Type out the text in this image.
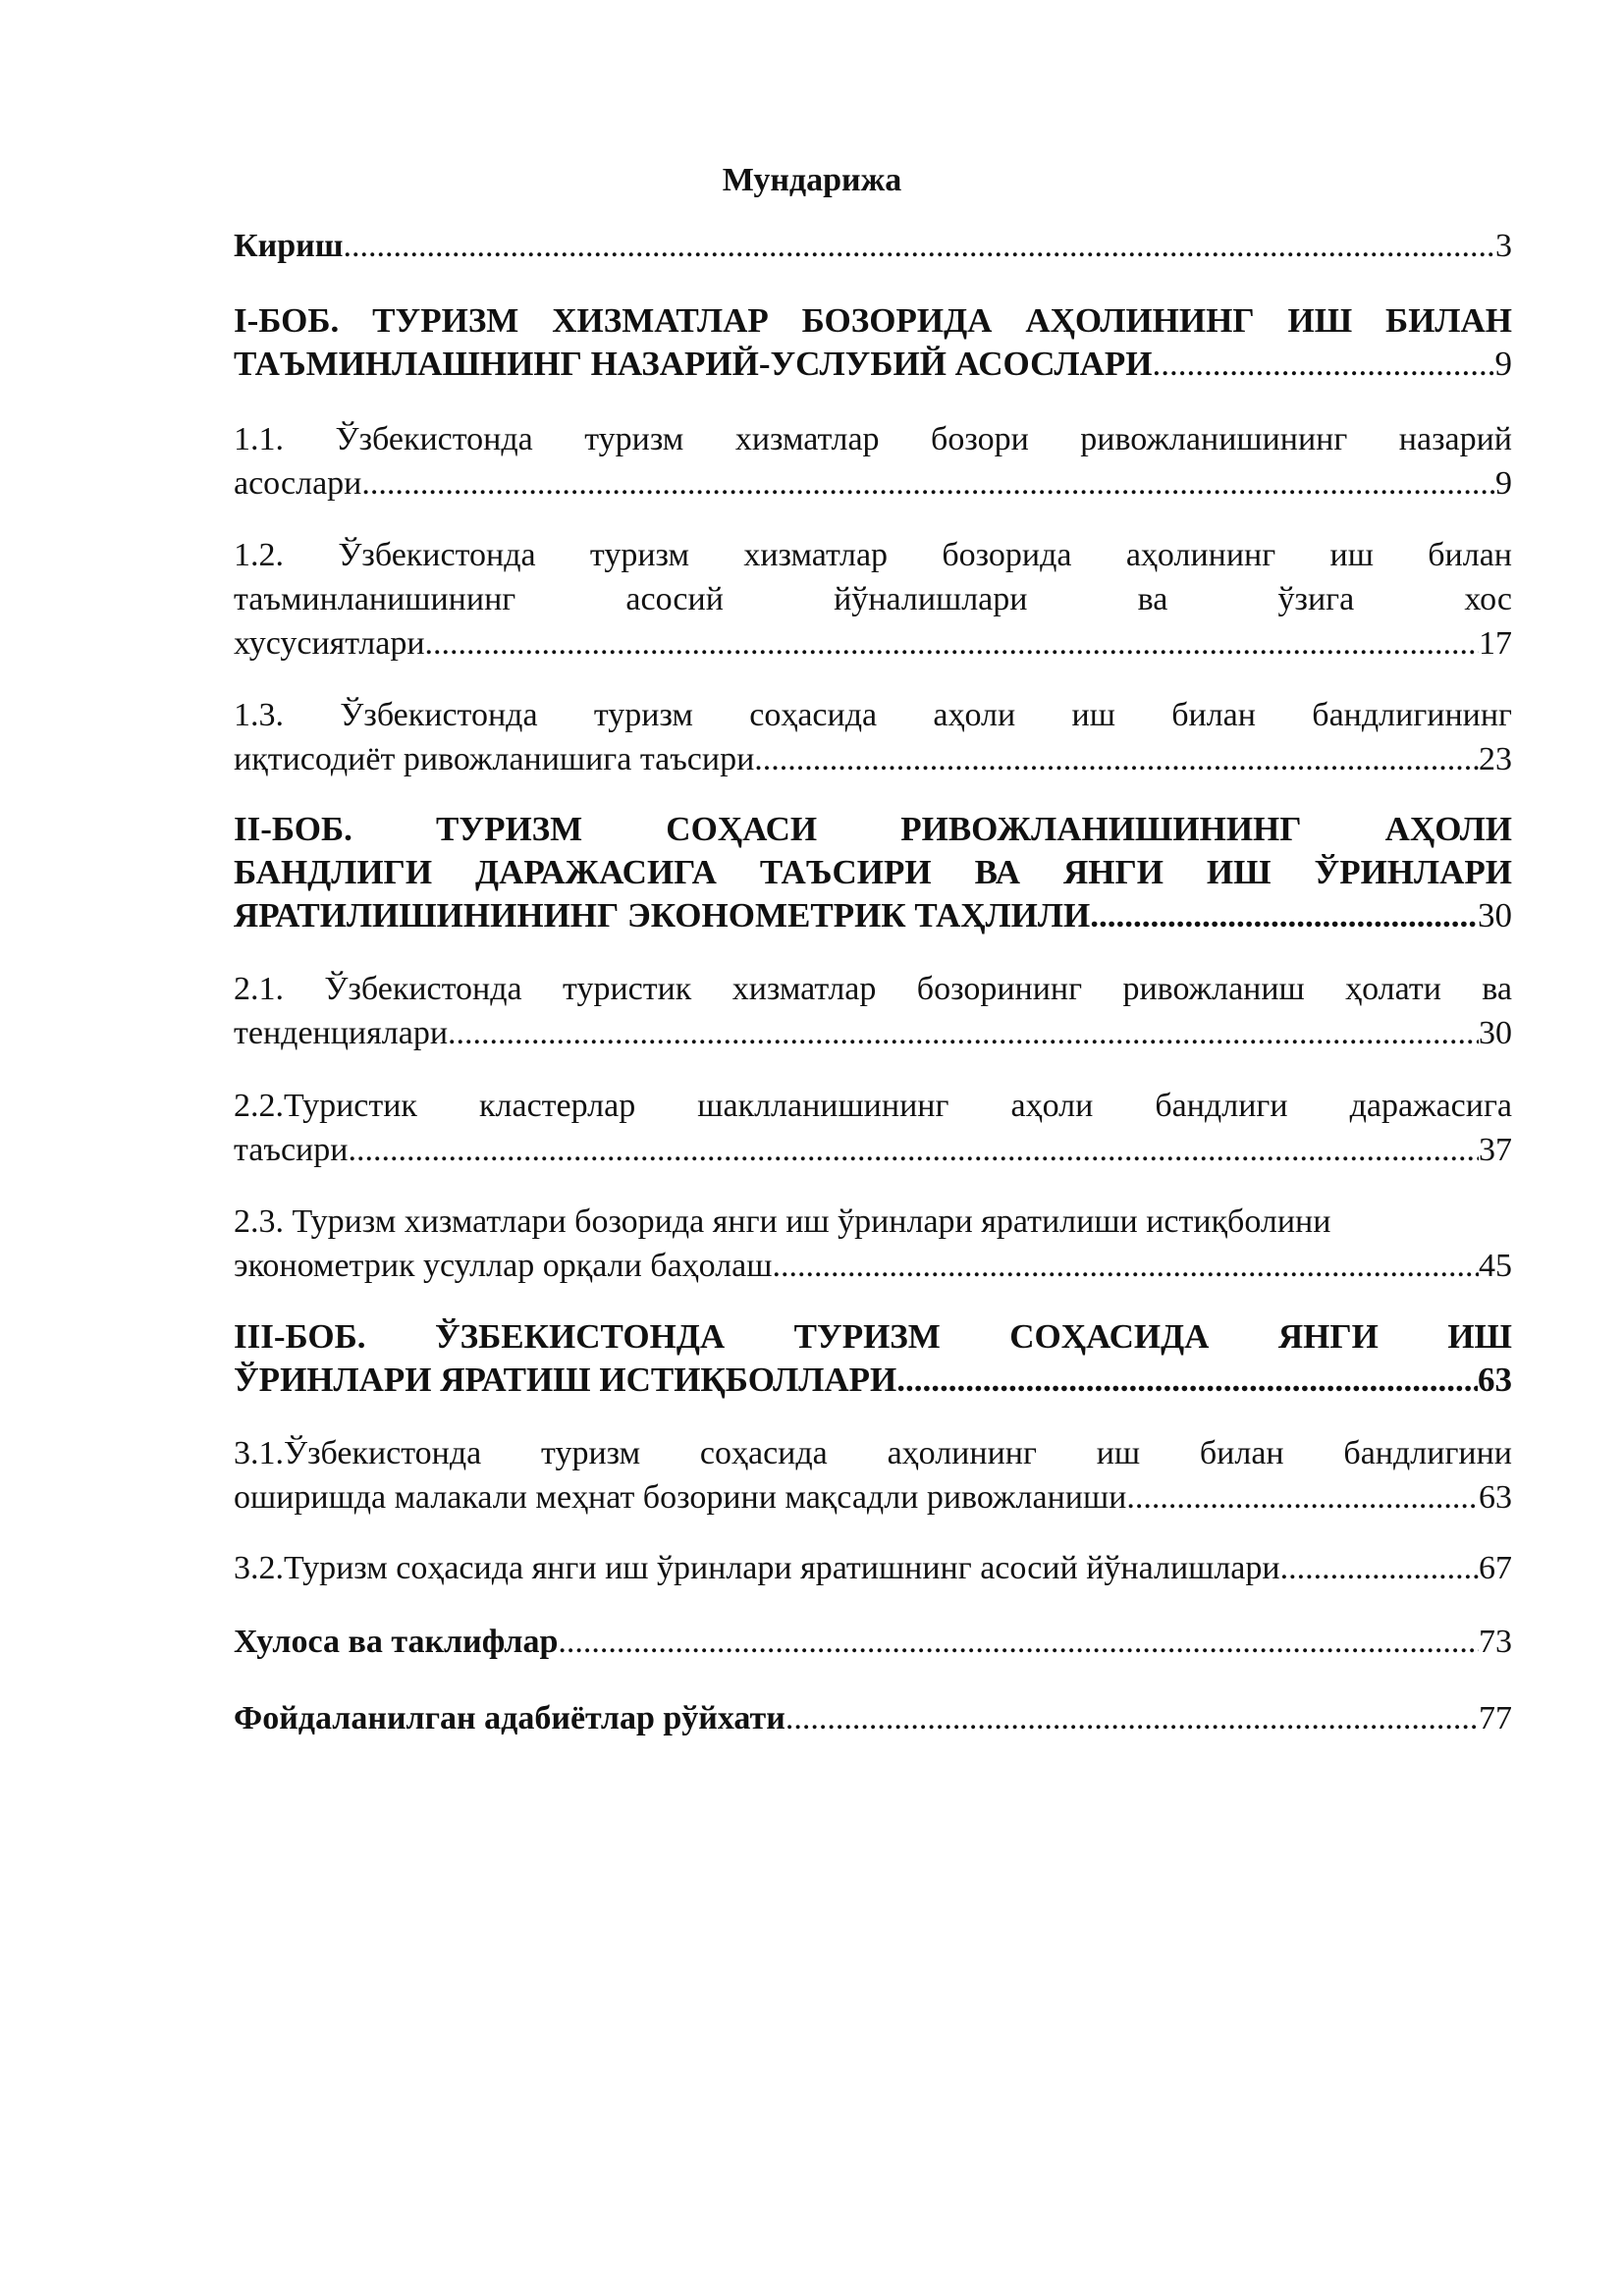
Мундарижа
Кириш .....	3
I-БОБ. ТУРИЗМ ХИЗМАТЛАР БОЗОРИДА АҲОЛИНИНГ ИШ БИЛАН
ТАЪМИНЛАШНИНГ НАЗАРИЙ-УСЛУБИЙ АСОСЛАРИ .....	9
1.1. Ўзбекистонда туризм хизматлар бозори ривожланишининг назарий
асослари .....	9
1.2. Ўзбекистонда туризм хизматлар бозорида аҳолининг иш билан
таъминланишининг асосий йўналишлари ва ўзига хос
хусусиятлари .....	17
1.3. Ўзбекистонда туризм соҳасида аҳоли иш билан бандлигининг
иқтисодиёт ривожланишига таъсири .....	23
II-БОБ. ТУРИЗМ СОҲАСИ РИВОЖЛАНИШИНИНГ АҲОЛИ
БАНДЛИГИ ДАРАЖАСИГА ТАЪСИРИ ВА ЯНГИ ИШ ЎРИНЛАРИ
ЯРАТИЛИШИНИНИНГ ЭКОНОМЕТРИК ТАҲЛИЛИ .....	30
2.1. Ўзбекистонда туристик хизматлар бозорининг ривожланиш ҳолати ва
тенденциялари .....	30
2.2.Туристик кластерлар шаклланишининг аҳоли бандлиги даражасига
таъсири .....	37
2.3. Туризм хизматлари бозорида янги иш ўринлари яратилиши истиқболини
эконометрик усуллар орқали баҳолаш .....	45
III-БОБ. ЎЗБЕКИСТОНДА ТУРИЗМ СОҲАСИДА ЯНГИ ИШ
ЎРИНЛАРИ ЯРАТИШ ИСТИҚБОЛЛАРИ .....	63
3.1.Ўзбекистонда туризм соҳасида аҳолининг иш билан бандлигини
оширишда малакали меҳнат бозорини мақсадли ривожланиши .....	63
3.2.Туризм соҳасида янги иш ўринлари яратишнинг асосий йўналишлари .....	67
Хулоса ва таклифлар .....	73
Фойдаланилган адабиётлар рўйхати .....	77
